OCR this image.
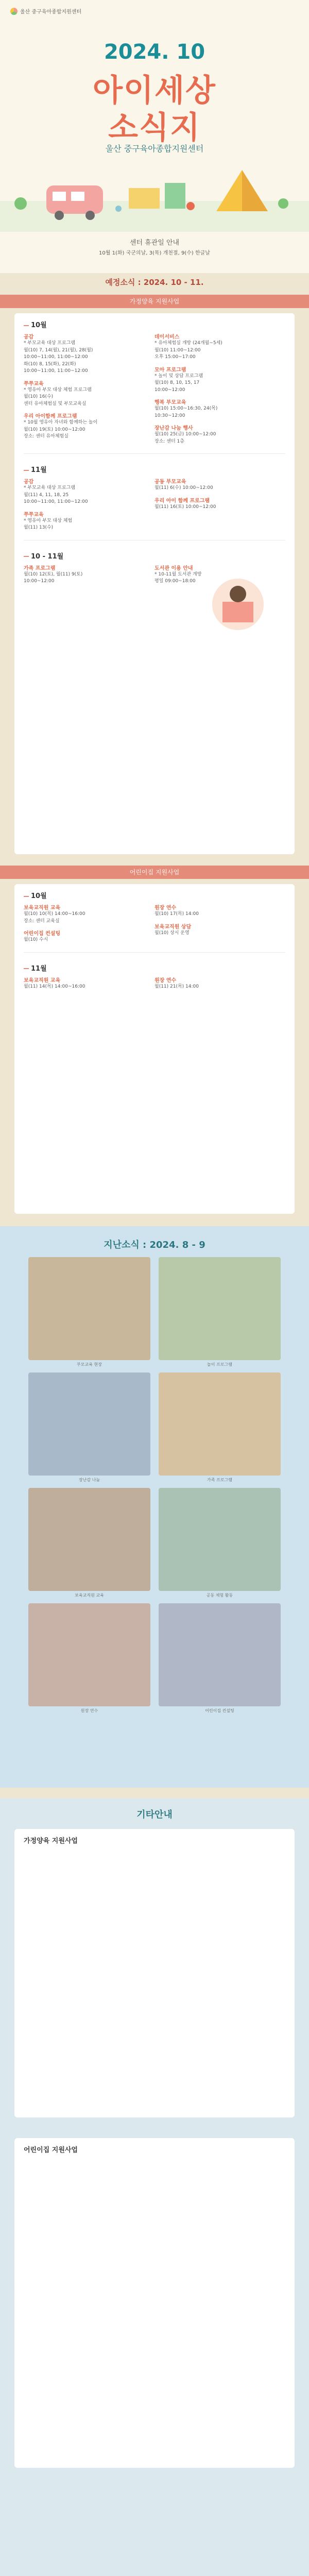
울산 중구육아종합지원센터
2024. 10
아이세상
소식지
울산 중구육아종합지원센터
센터 휴관일 안내
10월 1(화) 국군의날, 3(목) 개천절, 9(수) 한글날
예정소식 : 2024. 10 - 11.
가정양육 지원사업
10월
공감
* 부모교육 대상 프로그램
월(10) 7, 14(월), 21(월), 28(월)
10:00~11:00, 11:00~12:00
화(10) 8, 15(화), 22(화)
10:00~11:00, 11:00~12:00
쭈쭈교육
* 영유아 부모 대상 체험 프로그램
월(10) 16(수)
센터 유아체험실 및 부모교육실
우리 아이함께 프로그램
* 10월 영유아 자녀와 함께하는 놀이
월(10) 19(토) 10:00~12:00
장소: 센터 유아체험실
데이서비스
* 유아체험실 개방 (24개월~5세)
월(10) 11:00~12:00
오후 15:00~17:00
모아 프로그램
* 놀이 및 상담 프로그램
월(10) 8, 10, 15, 17
10:00~12:00
행복 부모교육
월(10) 15:00~16:30, 24(목)
10:30~12:00
장난감 나눔 행사
월(10) 25(금) 10:00~12:00
장소: 센터 1층
11월
공감
* 부모교육 대상 프로그램
월(11) 4, 11, 18, 25
10:00~11:00, 11:00~12:00
쭈쭈교육
* 영유아 부모 대상 체험
월(11) 13(수)
공동 부모교육
월(11) 6(수) 10:00~12:00
우리 아이 함께 프로그램
월(11) 16(토) 10:00~12:00
10 - 11월
가족 프로그램
월(10) 12(토), 월(11) 9(토)
10:00~12:00
도서관 이용 안내
* 10-11월 도서관 개방
평일 09:00~18:00
어린이집 지원사업
10월
보육교직원 교육
월(10) 10(목) 14:00~16:00
장소: 센터 교육실
어린이집 컨설팅
월(10) 수시
원장 연수
월(10) 17(목) 14:00
보육교직원 상담
월(10) 상시 운영
11월
보육교직원 교육
월(11) 14(목) 14:00~16:00
원장 연수
월(11) 21(목) 14:00
지난소식 : 2024. 8 - 9
부모교육 현장	놀이 프로그램
장난감 나눔	가족 프로그램
보육교직원 교육	공동 체험 활동
원장 연수	어린이집 컨설팅
기타안내
가정양육 지원사업
어린이집 지원사업
